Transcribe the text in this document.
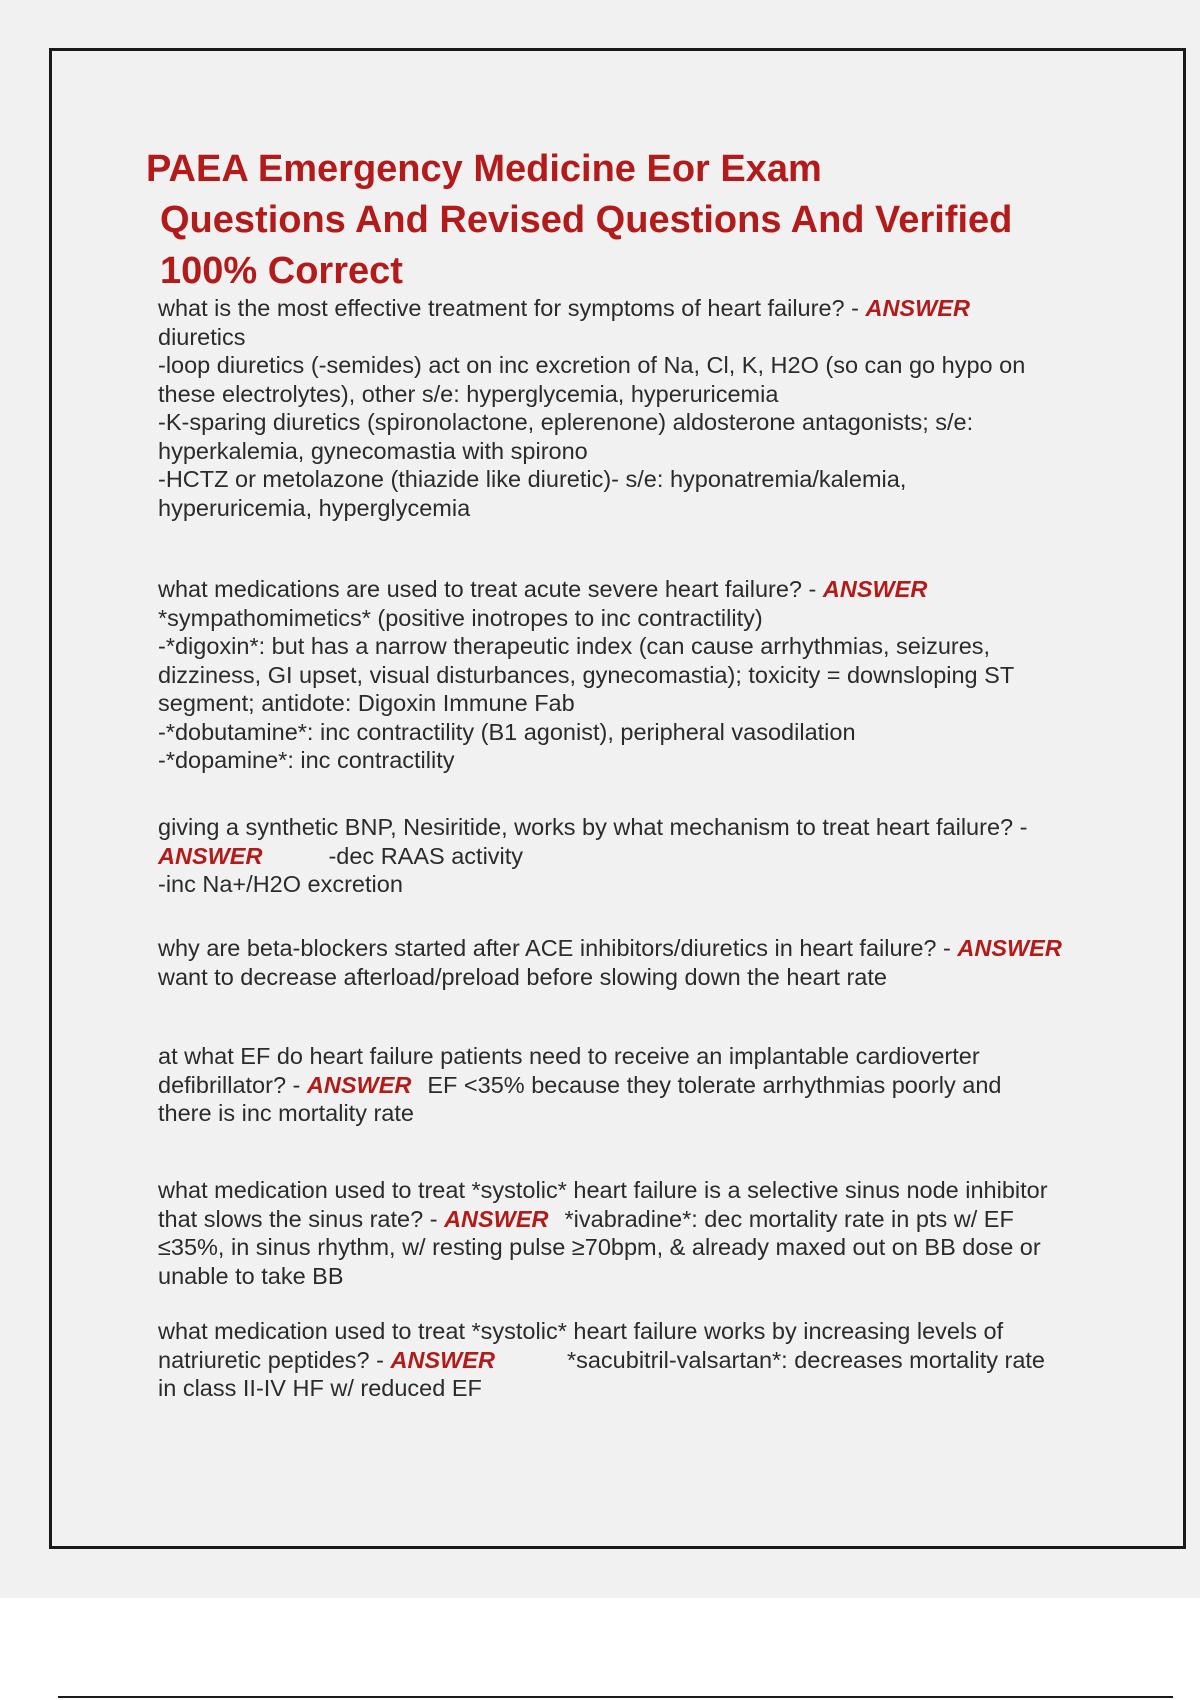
PAEA Emergency Medicine Eor Exam
Questions And Revised Questions And Verified
100% Correct
what is the most effective treatment for symptoms of heart failure? - ANSWER
diuretics
-loop diuretics (-semides) act on inc excretion of Na, Cl, K, H2O (so can go hypo on
these electrolytes), other s/e: hyperglycemia, hyperuricemia
-K-sparing diuretics (spironolactone, eplerenone) aldosterone antagonists; s/e:
hyperkalemia, gynecomastia with spirono
-HCTZ or metolazone (thiazide like diuretic)- s/e: hyponatremia/kalemia,
hyperuricemia, hyperglycemia
what medications are used to treat acute severe heart failure? - ANSWER
*sympathomimetics* (positive inotropes to inc contractility)
-*digoxin*: but has a narrow therapeutic index (can cause arrhythmias, seizures,
dizziness, GI upset, visual disturbances, gynecomastia); toxicity = downsloping ST
segment; antidote: Digoxin Immune Fab
-*dobutamine*: inc contractility (B1 agonist), peripheral vasodilation
-*dopamine*: inc contractility
giving a synthetic BNP, Nesiritide, works by what mechanism to treat heart failure? -
ANSWER	-dec RAAS activity
-inc Na+/H2O excretion
why are beta-blockers started after ACE inhibitors/diuretics in heart failure? - ANSWER
want to decrease afterload/preload before slowing down the heart rate
at what EF do heart failure patients need to receive an implantable cardioverter
defibrillator? - ANSWER EF <35% because they tolerate arrhythmias poorly and
there is inc mortality rate
what medication used to treat *systolic* heart failure is a selective sinus node inhibitor
that slows the sinus rate? - ANSWER *ivabradine*: dec mortality rate in pts w/ EF
≤35%, in sinus rhythm, w/ resting pulse ≥70bpm, & already maxed out on BB dose or
unable to take BB
what medication used to treat *systolic* heart failure works by increasing levels of
natriuretic peptides? - ANSWER	*sacubitril-valsartan*: decreases mortality rate
in class II-IV HF w/ reduced EF
